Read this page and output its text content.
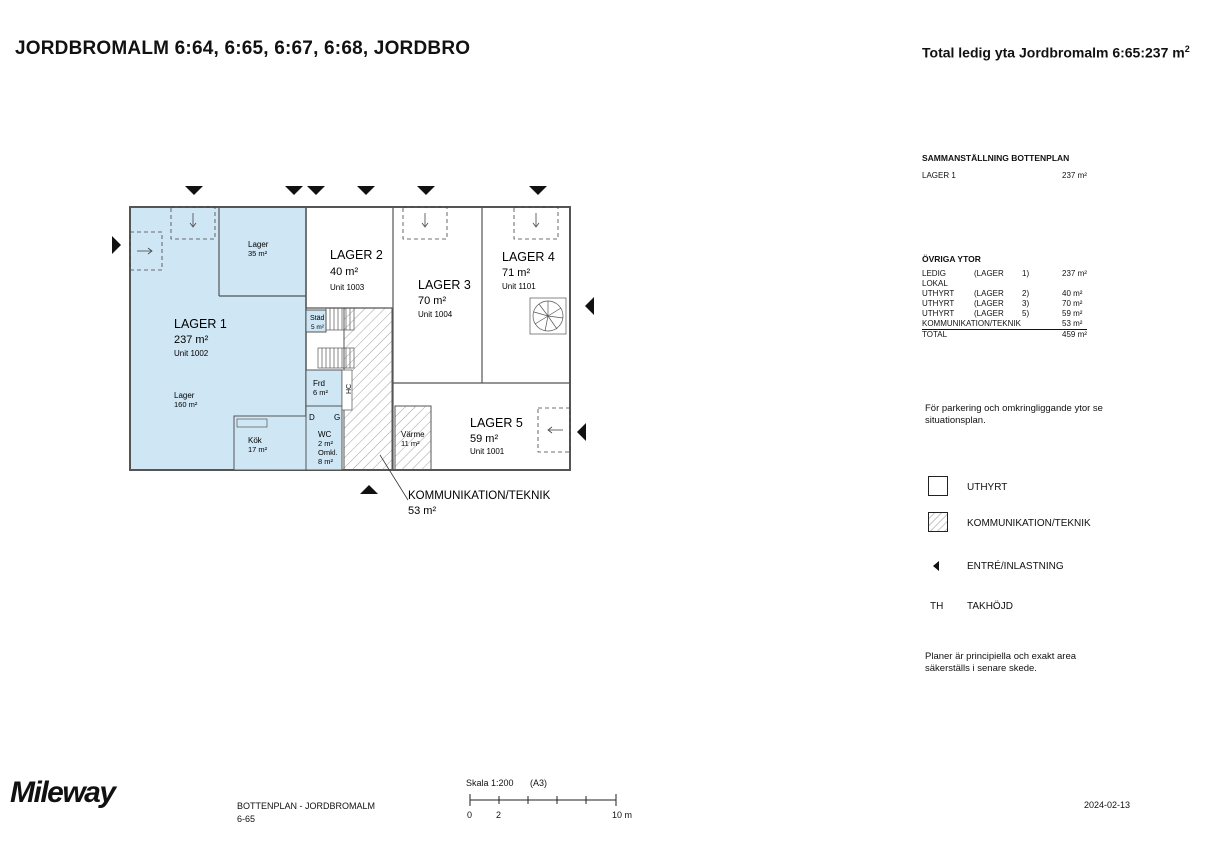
JORDBROMALM 6:64, 6:65, 6:67, 6:68, JORDBRO	Total ledig yta Jordbromalm 6:65:237 $m^2$
SAMMANSTÄLLNING BOTTENPLAN
LAGER 1	237 m²
ÖVRIGA YTOR
LEDIG LOKAL	(LAGER	1)	237 m²
UTHYRT	(LAGER	2)	40 m²
UTHYRT	(LAGER	3)	70 m²
UTHYRT	(LAGER	5)	59 m²
KOMMUNIKATION/TEKNIK			53 m²
TOTAL			459 m²
För parkering och omkringliggande ytor se situationsplan.
UTHYRT
KOMMUNIKATION/TEKNIK
ENTRÉ/INLASTNING
TH TAKHÖJD
Planer är principiella och exakt area säkerställs i senare skede.
LAGER 1
237 m²
Unit 1002
Lager
35 m²
Lager
160 m²
Kök
17 m²
LAGER 2
40 m²
Unit 1003	LAGER 3
70 m²
Unit 1004
LAGER 4
71 m²
Unit 1101
LAGER 5
59 m²
Unit 1001
Städ
5 m²
Frd
6 m²
D G
WC
2 m²
Omkl.
8 m²
HC
Värme
11 m²
KOMMUNIKATION/TEKNIK
53 m²
Mileway	BOTTENPLAN - JORDBROMALM
6-65
Skala 1:200 (A3)
0	2	10 m
2024-02-13
